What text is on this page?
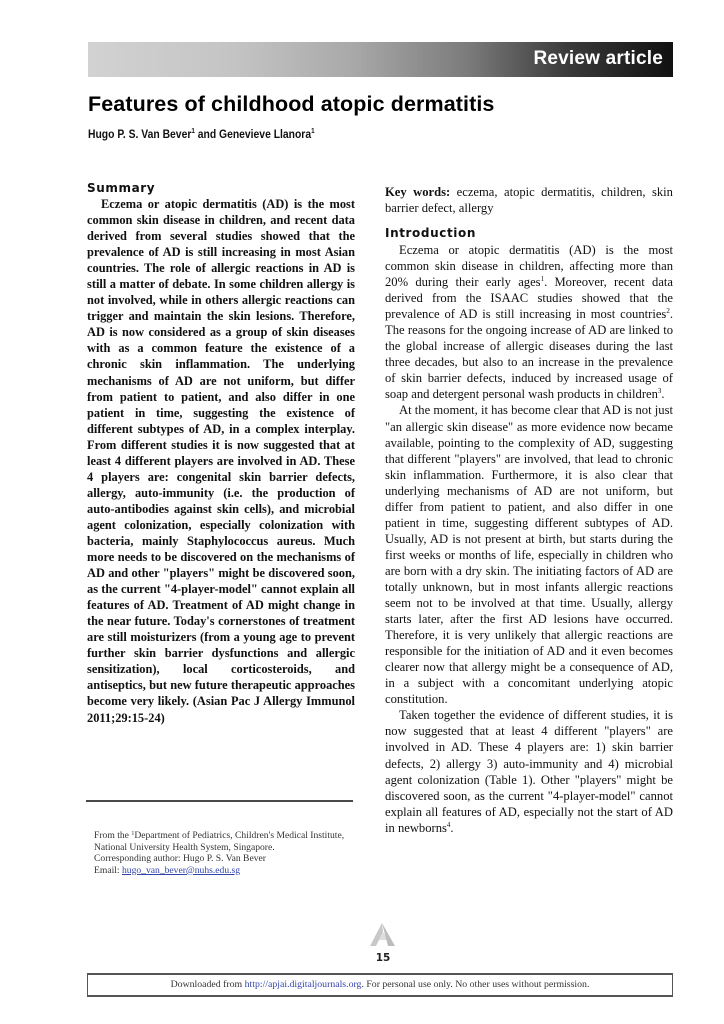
Review article
Features of childhood atopic dermatitis
Hugo P. S. Van Bever$^1$ and Genevieve Llanora$^1$
Summary

Eczema or atopic dermatitis (AD) is the most common skin disease in children, and recent data derived from several studies showed that the prevalence of AD is still increasing in most Asian countries. The role of allergic reactions in AD is still a matter of debate. In some children allergy is not involved, while in others allergic reactions can trigger and maintain the skin lesions. Therefore, AD is now considered as a group of skin diseases with as a common feature the existence of a chronic skin inflammation. The underlying mechanisms of AD are not uniform, but differ from patient to patient, and also differ in one patient in time, suggesting the existence of different subtypes of AD, in a complex interplay. From different studies it is now suggested that at least 4 different players are involved in AD. These 4 players are: congenital skin barrier defects, allergy, auto-immunity (i.e. the production of auto-antibodies against skin cells), and microbial agent colonization, especially colonization with bacteria, mainly Staphylococcus aureus. Much more needs to be discovered on the mechanisms of AD and other "players" might be discovered soon, as the current "4-player-model" cannot explain all features of AD. Treatment of AD might change in the near future. Today's cornerstones of treatment are still moisturizers (from a young age to prevent further skin barrier dysfunctions and allergic sensitization), local corticosteroids, and antiseptics, but new future therapeutic approaches become very likely. (Asian Pac J Allergy Immunol 2011;29:15-24)

From the $^1$Department of Pediatrics, Children's Medical Institute, National University Health System, Singapore.
Corresponding author: Hugo P. S. Van Bever
Email: hugo_van_bever@nuhs.edu.sg

Key words: eczema, atopic dermatitis, children, skin barrier defect, allergy

Introduction

Eczema or atopic dermatitis (AD) is the most common skin disease in children, affecting more than 20% during their early ages$^1$. Moreover, recent data derived from the ISAAC studies showed that the prevalence of AD is still increasing in most countries$^2$. The reasons for the ongoing increase of AD are linked to the global increase of allergic diseases during the last three decades, but also to an increase in the prevalence of skin barrier defects, induced by increased usage of soap and detergent personal wash products in children$^3$.

At the moment, it has become clear that AD is not just "an allergic skin disease" as more evidence now became available, pointing to the complexity of AD, suggesting that different "players" are involved, that lead to chronic skin inflammation. Furthermore, it is also clear that underlying mechanisms of AD are not uniform, but differ from patient to patient, and also differ in one patient in time, suggesting different subtypes of AD. Usually, AD is not present at birth, but starts during the first weeks or months of life, especially in children who are born with a dry skin. The initiating factors of AD are totally unknown, but in most infants allergic reactions seem not to be involved at that time. Usually, allergy starts later, after the first AD lesions have occurred. Therefore, it is very unlikely that allergic reactions are responsible for the initiation of AD and it even becomes clearer now that allergy might be a consequence of AD, in a subject with a concomitant underlying atopic constitution.

Taken together the evidence of different studies, it is now suggested that at least 4 different "players" are involved in AD. These 4 players are: 1) skin barrier defects, 2) allergy 3) auto-immunity and 4) microbial agent colonization (Table 1). Other "players" might be discovered soon, as the current "4-player-model" cannot explain all features of AD, especially not the start of AD in newborns$^4$.

15
Downloaded from http://apjai.digitaljournals.org. For personal use only. No other uses without permission.
